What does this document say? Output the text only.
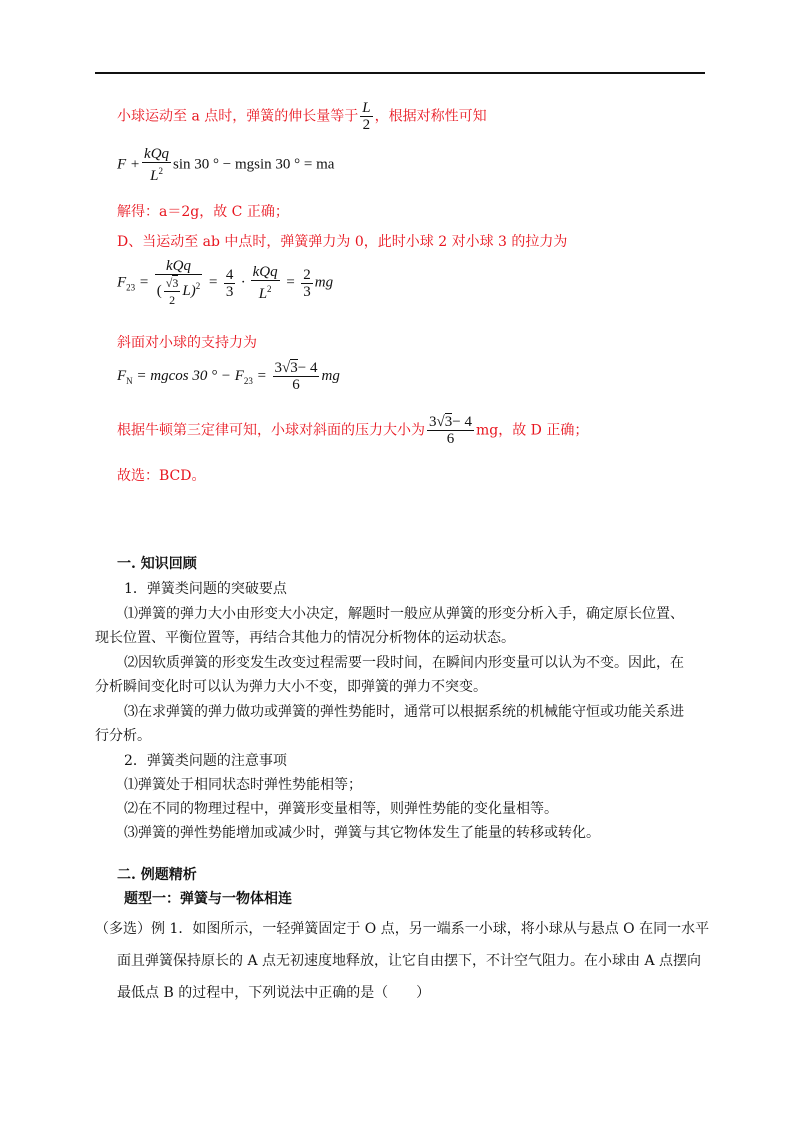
小球运动至 a 点时，弹簧的伸长量等于 $\frac{L}{2}$ ，根据对称性可知
$F + \frac{\text{kQq}}{L^2}$ sin 30 ° − mgsin 30 ° = ma
解得：a＝2g，故 C 正确；
D、当运动至 ab 中点时，弹簧弹力为 0，此时小球 2 对小球 3 的拉力为
$F_{23} = \frac{\text{kQq}}{( \frac{√3}{2} L)^2} = \frac{4}{3} \cdot \frac{\text{kQq}}{L^2} = \frac{2}{3}$ mg
斜面对小球的支持力为
$F_N = mgcos$ 30 ° − $F_{23} = \frac{3√3- 4}{6}$ mg
根据牛顿第三定律可知，小球对斜面的压力大小为 $\frac{3√3- 4}{6}$ mg，故 D 正确；
故选：BCD。
一. 知识回顾
1．弹簧类问题的突破要点
⑴弹簧的弹力大小由形变大小决定，解题时一般应从弹簧的形变分析入手，确定原长位置、
现长位置、平衡位置等，再结合其他力的情况分析物体的运动状态。
⑵因软质弹簧的形变发生改变过程需要一段时间，在瞬间内形变量可以认为不变。因此，在
分析瞬间变化时可以认为弹力大小不变，即弹簧的弹力不突变。
⑶在求弹簧的弹力做功或弹簧的弹性势能时，通常可以根据系统的机械能守恒或功能关系进
行分析。
2．弹簧类问题的注意事项
⑴弹簧处于相同状态时弹性势能相等；
⑵在不同的物理过程中，弹簧形变量相等，则弹性势能的变化量相等。
⑶弹簧的弹性势能增加或减少时，弹簧与其它物体发生了能量的转移或转化。
二. 例题精析
题型一：弹簧与一物体相连
（多选）例 1．如图所示，一轻弹簧固定于 O 点，另一端系一小球，将小球从与悬点 O 在同一水平
面且弹簧保持原长的 A 点无初速度地释放，让它自由摆下，不计空气阻力。在小球由 A 点摆向
最低点 B 的过程中，下列说法中正确的是（　　）
